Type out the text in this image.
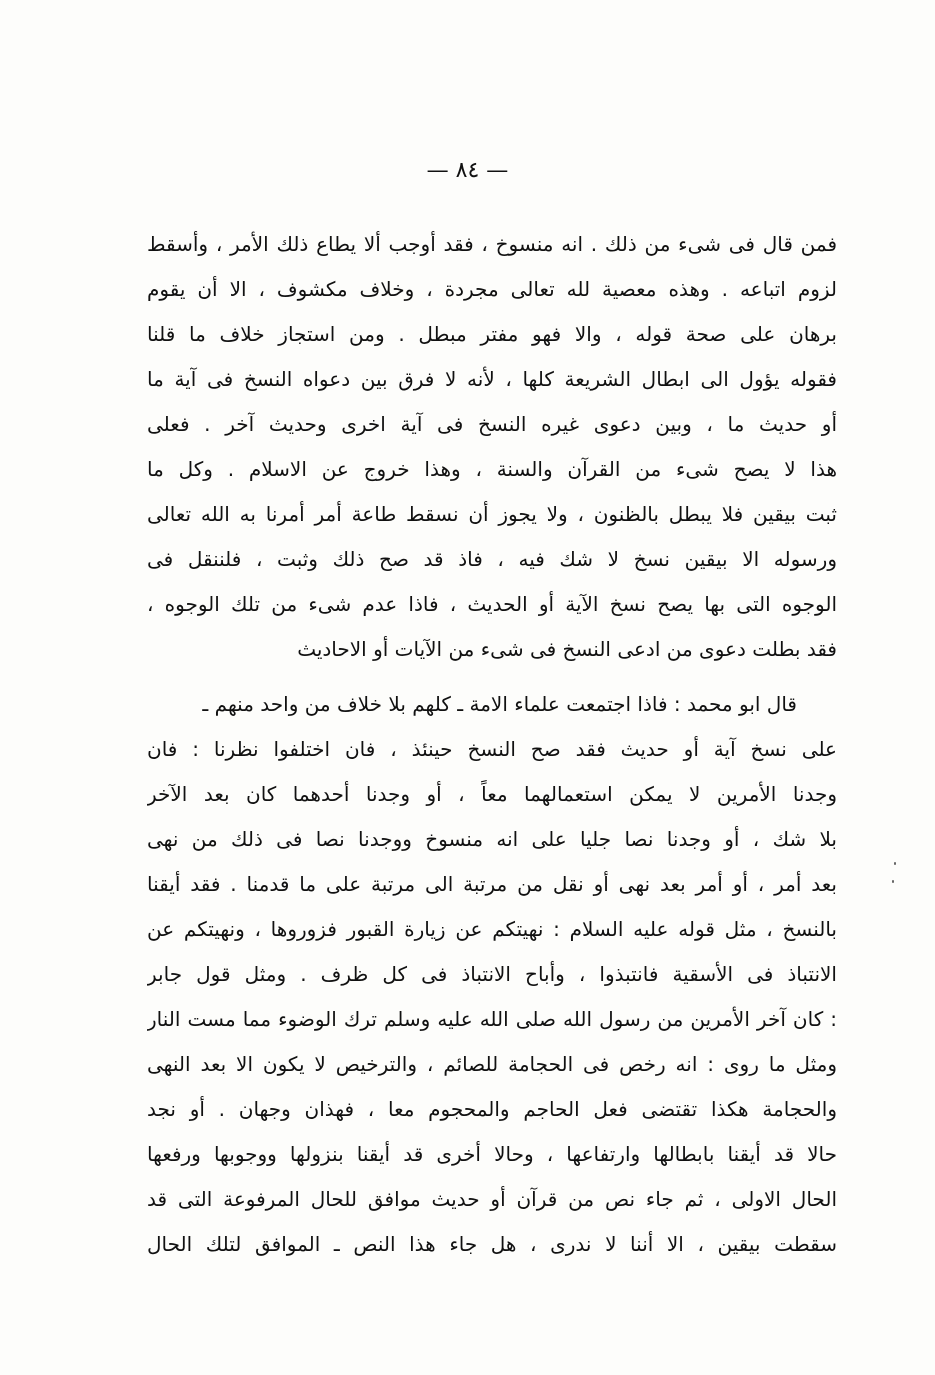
— ٨٤ —
فمن قال فى شىء من ذلك . انه منسوخ ، فقد أوجب ألا يطاع ذلك الأمر ، وأسقط
لزوم اتباعه . وهذه معصية لله تعالى مجردة ، وخلاف مكشوف ، الا أن يقوم
برهان على صحة قوله ، والا فهو مفتر مبطل . ومن استجاز خلاف ما قلنا
فقوله يؤول الى ابطال الشريعة كلها ، لأنه لا فرق بين دعواه النسخ فى آية ما
أو حديث ما ، وبين دعوى غيره النسخ فى آية اخرى وحديث آخر . فعلى
هذا لا يصح شىء من القرآن والسنة ، وهذا خروج عن الاسلام . وكل ما
ثبت بيقين فلا يبطل بالظنون ، ولا يجوز أن نسقط طاعة أمر أمرنا به الله تعالى
ورسوله الا بيقين نسخ لا شك فيه ، فاذ قد صح ذلك وثبت ، فلننقل فى
الوجوه التى بها يصح نسخ الآية أو الحديث ، فاذا عدم شىء من تلك الوجوه ،
فقد بطلت دعوى من ادعى النسخ فى شىء من الآيات أو الاحاديث
قال ابو محمد : فاذا اجتمعت علماء الامة ـ كلهم بلا خلاف من واحد منهم ـ
على نسخ آية أو حديث فقد صح النسخ حينئذ ، فان اختلفوا نظرنا : فان
وجدنا الأمرين لا يمكن استعمالهما معاً ، أو وجدنا أحدهما كان بعد الآخر
بلا شك ، أو وجدنا نصا جليا على انه منسوخ ووجدنا نصا فى ذلك من نهى
بعد أمر ، أو أمر بعد نهى أو نقل من مرتبة الى مرتبة على ما قدمنا . فقد أيقنا
بالنسخ ، مثل قوله عليه السلام : نهيتكم عن زيارة القبور فزوروها ، ونهيتكم عن
الانتباذ فى الأسقية فانتبذوا ، وأباح الانتباذ فى كل ظرف . ومثل قول جابر
: كان آخر الأمرين من رسول الله صلى الله عليه وسلم ترك الوضوء مما مست النار
ومثل ما روى : انه رخص فى الحجامة للصائم ، والترخيص لا يكون الا بعد النهى
والحجامة هكذا تقتضى فعل الحاجم والمحجوم معا ، فهذان وجهان . أو نجد
حالا قد أيقنا بابطالها وارتفاعها ، وحالا أخرى قد أيقنا بنزولها ووجوبها ورفعها
الحال الاولى ، ثم جاء نص من قرآن أو حديث موافق للحال المرفوعة التى قد
سقطت بيقين ، الا أننا لا ندرى ، هل جاء هذا النص ـ الموافق لتلك الحال
